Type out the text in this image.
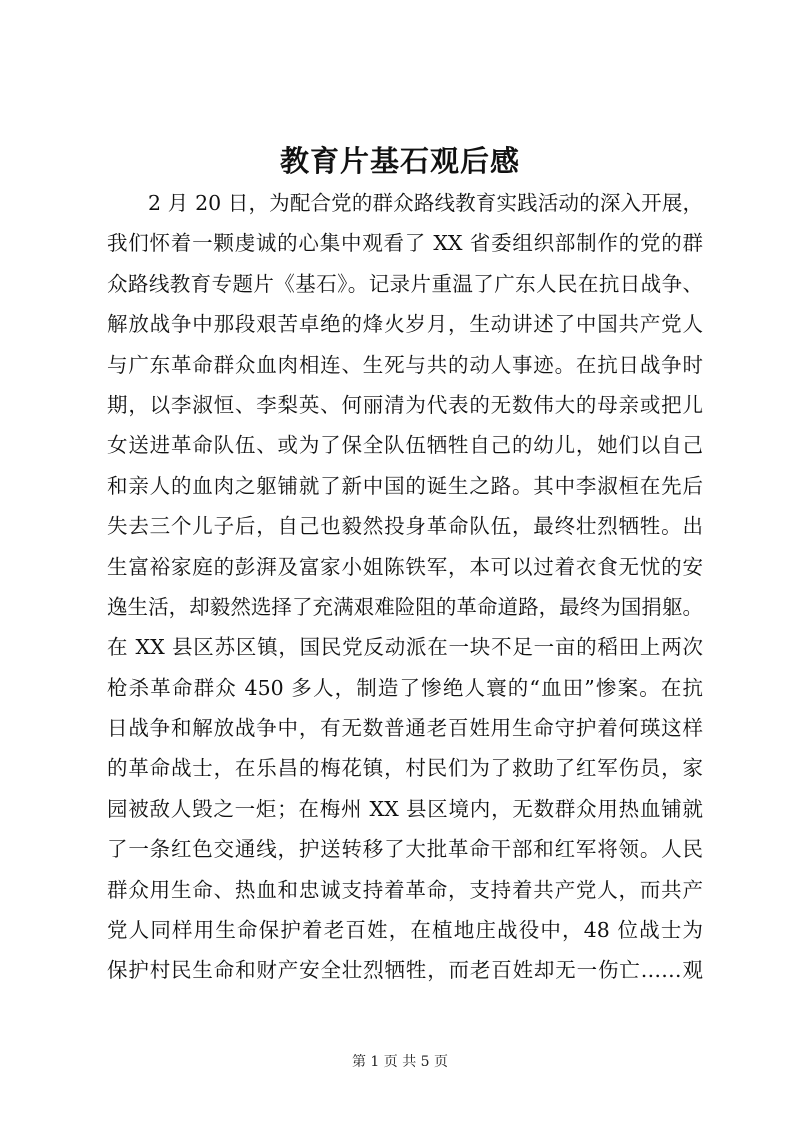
教育片基石观后感
2 月 20 日，为配合党的群众路线教育实践活动的深入开展，
我们怀着一颗虔诚的心集中观看了 XX 省委组织部制作的党的群
众路线教育专题片《基石》。记录片重温了广东人民在抗日战争、
解放战争中那段艰苦卓绝的烽火岁月，生动讲述了中国共产党人
与广东革命群众血肉相连、生死与共的动人事迹。在抗日战争时
期，以李淑恒、李梨英、何丽清为代表的无数伟大的母亲或把儿
女送进革命队伍、或为了保全队伍牺牲自己的幼儿，她们以自己
和亲人的血肉之躯铺就了新中国的诞生之路。其中李淑桓在先后
失去三个儿子后，自己也毅然投身革命队伍，最终壮烈牺牲。出
生富裕家庭的彭湃及富家小姐陈铁军，本可以过着衣食无忧的安
逸生活，却毅然选择了充满艰难险阻的革命道路，最终为国捐躯。
在 XX 县区苏区镇，国民党反动派在一块不足一亩的稻田上两次
枪杀革命群众 450 多人，制造了惨绝人寰的“血田”惨案。在抗
日战争和解放战争中，有无数普通老百姓用生命守护着何瑛这样
的革命战士，在乐昌的梅花镇，村民们为了救助了红军伤员，家
园被敌人毁之一炬；在梅州 XX 县区境内，无数群众用热血铺就
了一条红色交通线，护送转移了大批革命干部和红军将领。人民
群众用生命、热血和忠诚支持着革命，支持着共产党人，而共产
党人同样用生命保护着老百姓，在植地庄战役中，48 位战士为
保护村民生命和财产安全壮烈牺牲，而老百姓却无一伤亡……观
第 1 页 共 5 页
